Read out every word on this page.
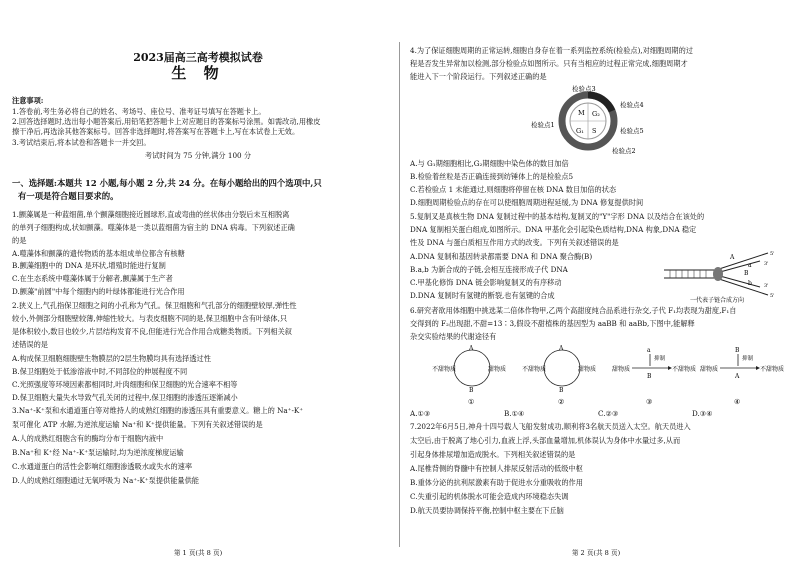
2023届高三高考模拟试卷
生 物
注意事项:
1.答卷前,考生务必将自己的姓名、考场号、座位号、准考证号填写在答题卡上。
2.回答选择题时,选出每小题答案后,用铅笔把答题卡上对应题目的答案标号涂黑。如需改动,用橡皮
擦干净后,再选涂其他答案标号。回答非选择题时,将答案写在答题卡上,写在本试卷上无效。
3.考试结束后,将本试卷和答题卡一并交回。
考试时间为 75 分钟,满分 100 分
一、选择题:本题共 12 小题,每小题 2 分,共 24 分。在每小题给出的四个选项中,只
有一项是符合题目要求的。
1.颤藻属是一种蓝细菌,单个颤藻细胞接近圆球形,直或弯曲的丝状体由分裂后未互相脱离
的单列子细胞构成,状如颤藻。噬藻体是一类以蓝细菌为宿主的 DNA 病毒。下列叙述正确
的是
A.噬藻体和颤藻的遗传物质的基本组成单位都含有核糖
B.颤藻细胞中的 DNA 是环状,增殖时能进行复制
C.在生态系统中噬藻体属于分解者,颤藻属于生产者
D.颤藻"前圆"中每个细胞内的叶绿体都能进行光合作用
2.狭义上,气孔指保卫细胞之间的小孔称为气孔。保卫细胞和气孔部分的细胞壁较厚,弹性性
较小,外侧部分细胞壁较薄,伸缩性较大。与表皮细胞不同的是,保卫细胞中含有叶绿体,只
是体积较小,数目也较少,片层结构发育不良,但能进行光合作用合成糖类物质。下列相关叙
述错误的是
A.构成保卫细胞细胞壁生物膜层的2层生物膜均具有选择透过性
B.保卫细胞处于低渗溶液中时,不同部位的伸展程度不同
C.光照强度等环境因素都相同时,叶肉细胞和保卫细胞的光合速率不相等
D.保卫细胞大量失水导致气孔关闭的过程中,保卫细胞的渗透压逐渐减小
3.Na⁺-K⁺泵和水通道蛋白等对维持人的成熟红细胞的渗透压具有重要意义。糖上的 Na⁺-K⁺
泵可催化 ATP 水解,为逆浓度运输 Na⁺和 K⁺提供能量。下列有关叙述错误的是
A.人的成熟红细胞含有的酶均分布于细胞内液中
B.Na⁺和 K⁺经 Na⁺-K⁺泵运输时,均为逆浓度梯度运输
C.水通道蛋白的活性会影响红细胞渗透吸水或失水的速率
D.人的成熟红细胞通过无氧呼吸为 Na⁺-K⁺泵提供能量供能
第 1 页(共 8 页)
4.为了保证细胞周期的正常运转,细胞自身存在着一系列监控系统(检验点),对细胞周期的过
程是否发生异常加以检测,部分检验点如图所示。只有当相应的过程正常完成,细胞周期才
能进入下一个阶段运行。下列叙述正确的是
检验点3
检验点1
检验点4
检验点2
检验点5
M G₂
S
G₁
A.与 G₁期细胞相比,G₂期细胞中染色体的数目加倍
B.检验着丝粒是否正确连接到纺锤体上的是检验点5
C.若检验点 1 未能通过,则细胞将停留在核 DNA 数目加倍的状态
D.细胞周期检验点的存在可以使细胞周期进程延缓,为 DNA 修复提供时间
5.复制叉是真核生物 DNA 复制过程中的基本结构,复制叉的"Y"字形 DNA 以及结合在该处的
DNA 复制相关蛋白组成,如图所示。DNA 甲基化会引起染色质结构,DNA 构象,DNA 稳定
性及 DNA 与蛋白质相互作用方式的改变。下列有关叙述错误的是
A.DNA 复制和基因转录都需要 DNA 和 DNA 聚合酶(B)
B.a,b 为新合成的子链,会相互连接形成子代 DNA
C.甲基化修饰 DNA 链会影响复制叉的有序移动
D.DNA 复制时有氢键的断裂,也有氢键的合成
A
B
a
b
5'
3'
3'
5'
一代表子链合成方向
6.研究者欲用体细胞中挑选某二倍体作物甲,乙两个高甜度纯合品系进行杂交,子代 F₁均表现为甜度,F₁自
交得到的 F₂出现甜,不甜=13∶3,假设不甜植株的基因型为 aaBB 和 aaBb,下图中,能解释
杂交实验结果的代谢途径有
A
B
不甜物质	甜物质
①
A
B
不甜物质	甜物质
②
a
抑制
B
甜物质	不甜物质
③
B
抑制
A
甜物质	不甜物质
④
A.①③	B.①④	C.②③	D.③④
7.2022年6月5日,神舟十四号载人飞船发射成功,顺利将3名航天员送入太空。航天员进入
太空后,由于脱离了地心引力,血液上浮,头部血量增加,机体误认为身体中水量过多,从而
引起身体排尿增加造成脱水。下列相关叙述错误的是
A.尾椎背侧的脊髓中有控制人排尿反射活动的低级中枢
B.重体分泌的抗利尿激素有助于促进水分重吸收的作用
C.失重引起的机体脱水可能会造成内环境稳态失调
D.航天员要协调保持平衡,控制中枢主要在下丘脑
第 2 页(共 8 页)
